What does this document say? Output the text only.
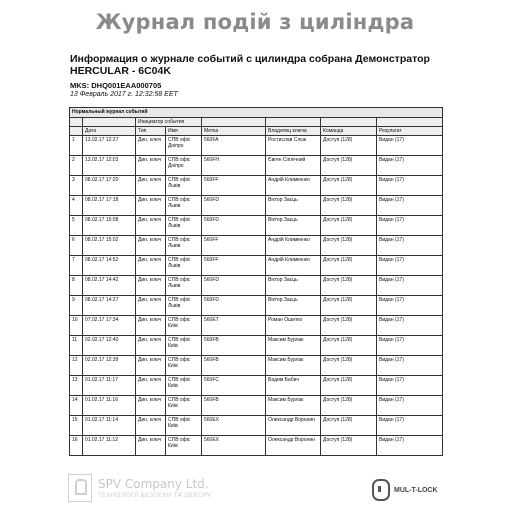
Журнал подій з циліндра
Информация о журнале событий с цилиндра собрана Демонстратор HERCULAR - 6C04K
MKS: DHQ001EAA000705
13 Февраль 2017 г. 12:32:58 EET
Нормальный журнал событий							
		Инициатор события					
	Дата	Тип	Имя	Метка	Владелец ключа	Команда	Результат
1	13.02.17 12:27	Дин. ключ	СПВ офіс Дніпро	560FA	Ростислав Слєж	Доступ (128)	Видан (17)
2	13.02.17 12:03	Дин. ключ	СПВ офіс Дніпро	560FH	Євген Сіплічний	Доступ (128)	Видан (17)
3	08.02.17 17:20	Дин. ключ	СПВ офіс Львів	560FF	Андрій Климкенко	Доступ (128)	Видан (17)
4	08.02.17 17:18	Дин. ключ	СПВ офіс Львів	560FD	Віктор Заєць	Доступ (128)	Видан (17)
5	08.02.17 15:08	Дин. ключ	СПВ офіс Львів	560FD	Віктор Заєць	Доступ (128)	Видан (17)
6	08.02.17 15:02	Дин. ключ	СПВ офіс Львів	560FF	Андрій Климкенко	Доступ (128)	Видан (17)
7	08.02.17 14:52	Дин. ключ	СПВ офіс Львів	560FF	Андрій Климкенко	Доступ (128)	Видан (17)
8	08.02.17 14:42	Дин. ключ	СПВ офіс Львів	560FD	Віктор Заєць	Доступ (128)	Видан (17)
9	08.02.17 14:27	Дин. ключ	СПВ офіс Львів	560FD	Віктор Заєць	Доступ (128)	Видан (17)
10	07.02.17 17:34	Дин. ключ	СПВ офіс Київ	560ET	Роман Ошитко	Доступ (128)	Видан (17)
11	02.02.17 12:40	Дин. ключ	СПВ офіс Київ	560FB	Максим Бурлак	Доступ (128)	Видан (17)
12	02.02.17 12:39	Дин. ключ	СПВ офіс Київ	560FB	Максим Бурлак	Доступ (128)	Видан (17)
13	01.02.17 11:17	Дин. ключ	СПВ офіс Київ	560FC	Вадим Бабич	Доступ (128)	Видан (17)
14	01.02.17 11:16	Дин. ключ	СПВ офіс Київ	560FB	Максим Бурлак	Доступ (128)	Видан (17)
15	01.02.17 11:14	Дин. ключ	СПВ офіс Київ	560EX	Олександр Воронин	Доступ (128)	Видан (17)
16	01.02.17 11:12	Дин. ключ	СПВ офіс Київ	560EX	Олександр Воронин	Доступ (128)	Видан (17)
SPV Company Ltd.
ТЕХНОЛОГІЇ БЕЗПЕКИ ТА ДЕКОРУ
MUL-T-LOCK
